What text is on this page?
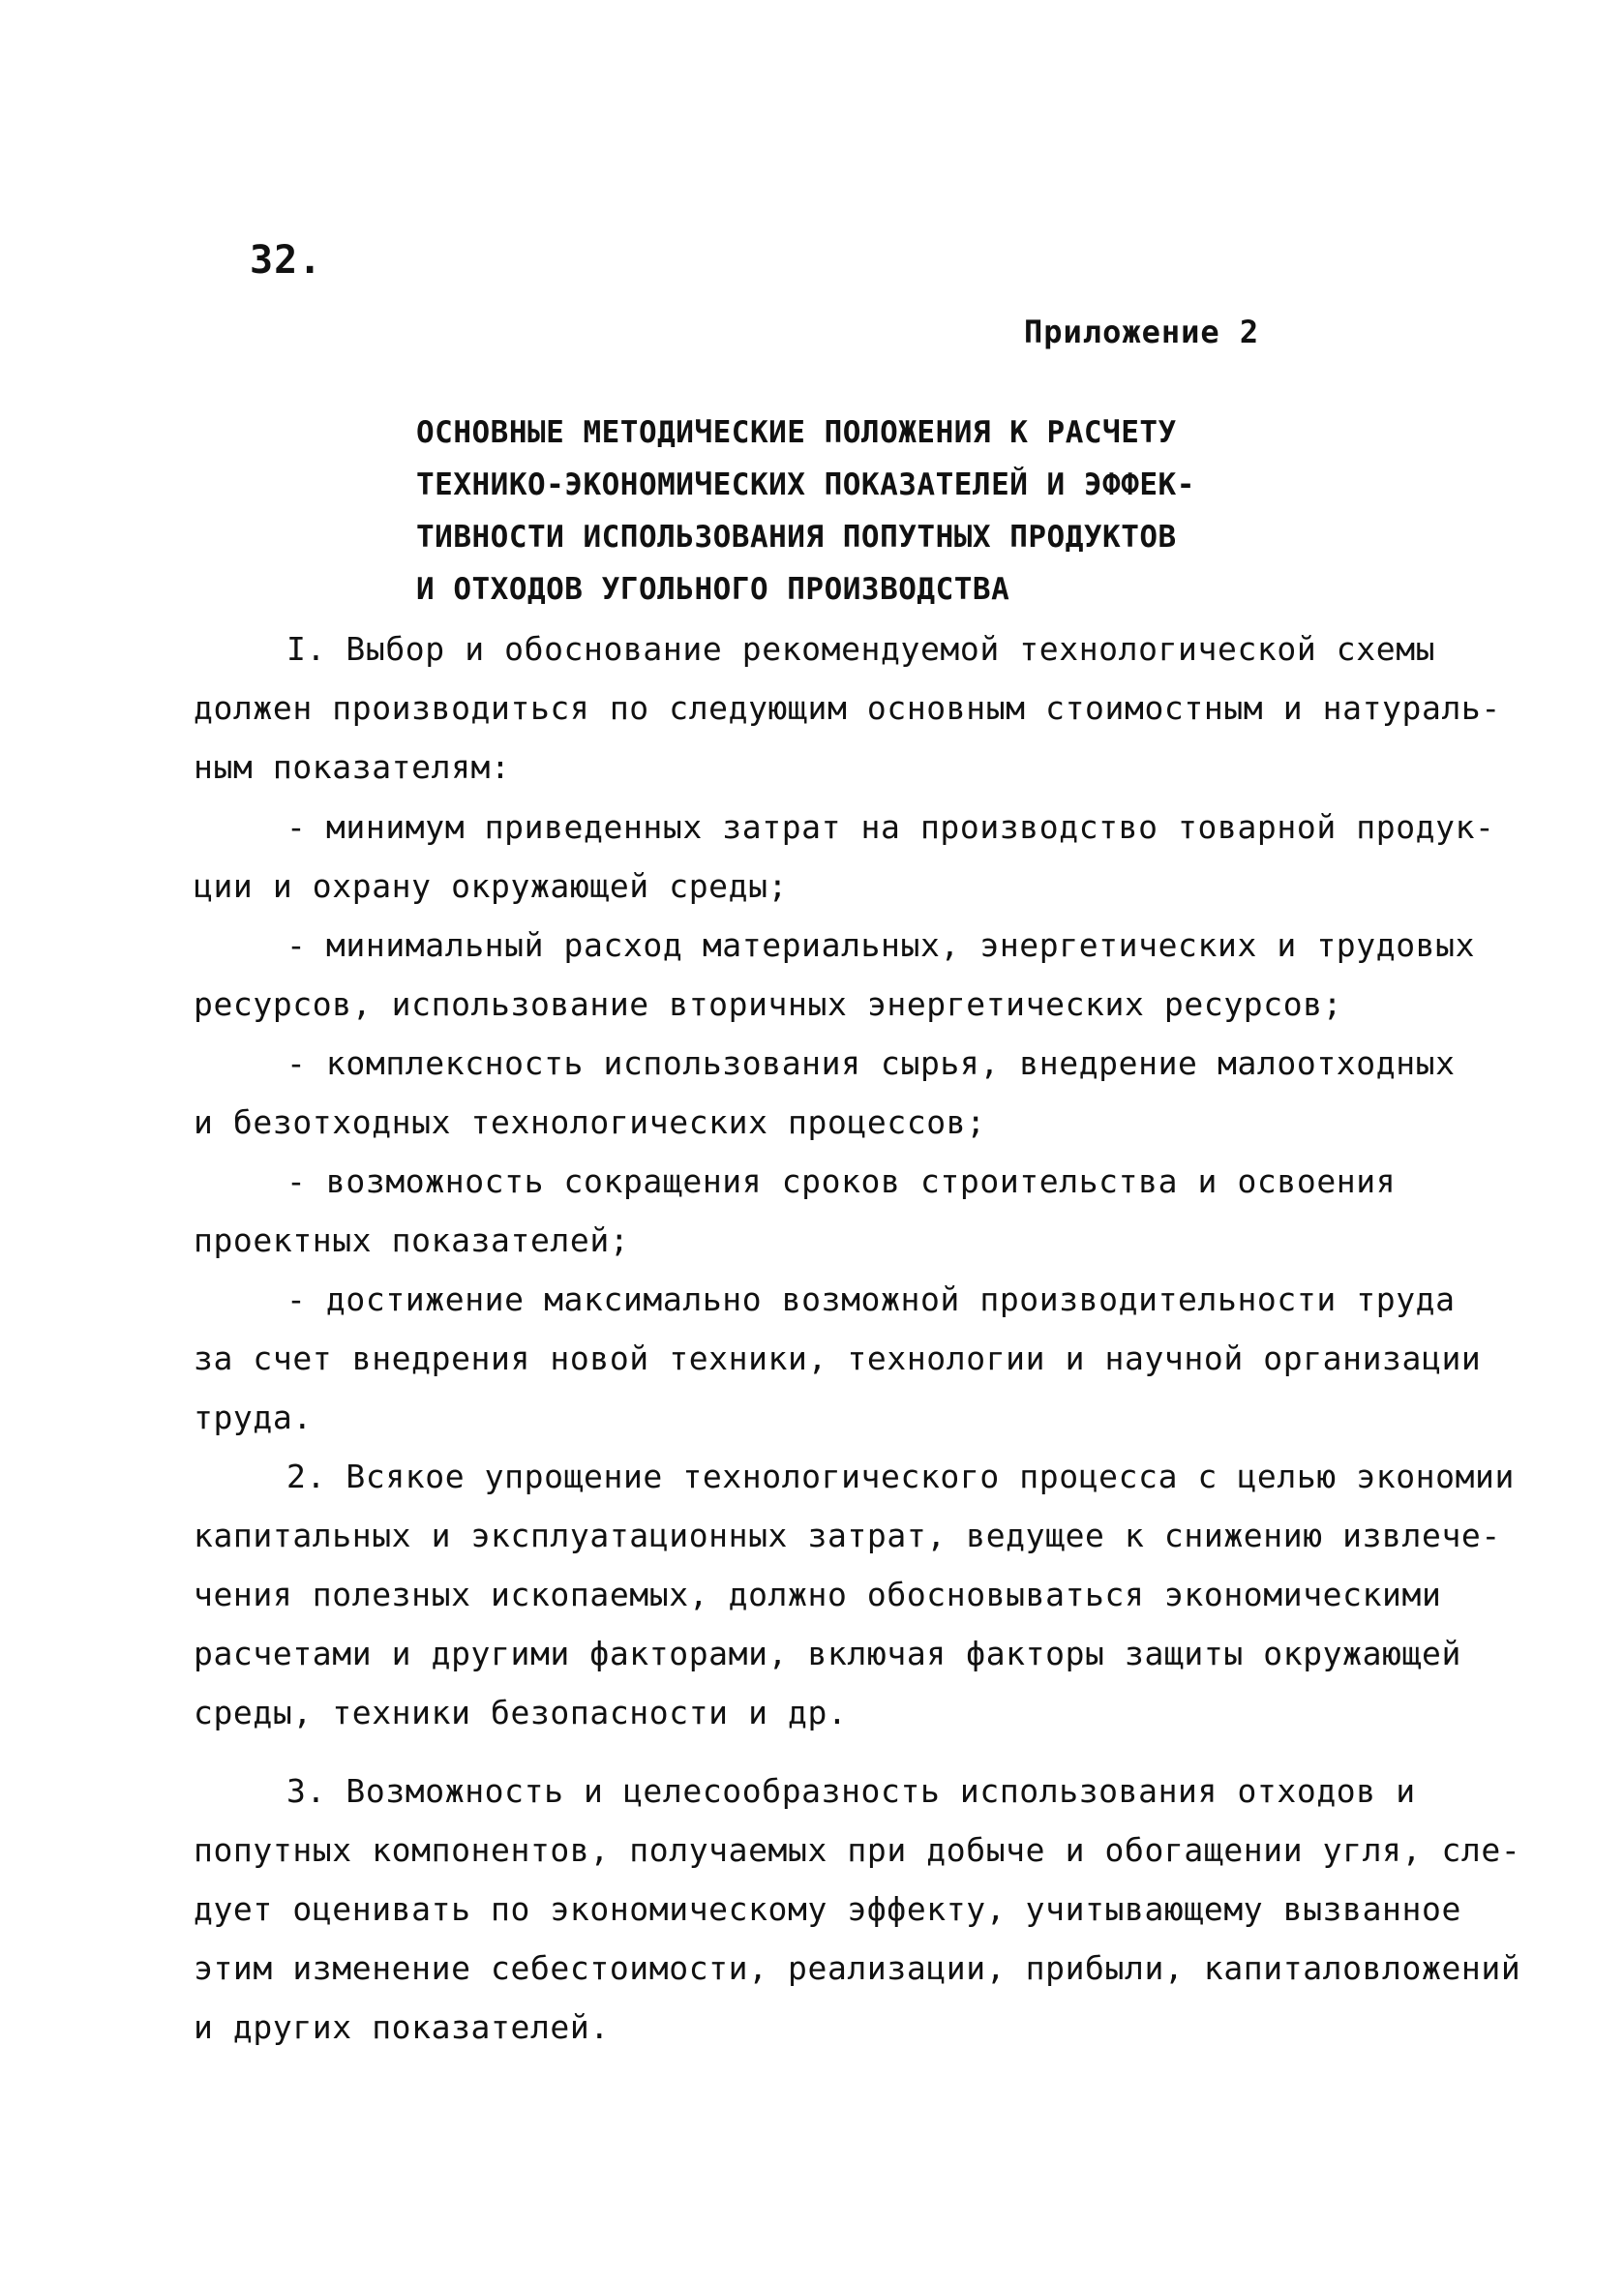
32.
Приложение 2
ОСНОВНЫЕ МЕТОДИЧЕСКИЕ ПОЛОЖЕНИЯ К РАСЧЕТУ
ТЕХНИКО-ЭКОНОМИЧЕСКИХ ПОКАЗАТЕЛЕЙ И ЭФФЕК-
ТИВНОСТИ ИСПОЛЬЗОВАНИЯ ПОПУТНЫХ ПРОДУКТОВ
И ОТХОДОВ УГОЛЬНОГО ПРОИЗВОДСТВА
I. Выбор и обоснование рекомендуемой технологической схемы
должен производиться по следующим основным стоимостным и натураль-
ным показателям:
- минимум приведенных затрат на производство товарной продук-
ции и охрану окружающей среды;
- минимальный расход материальных, энергетических и трудовых
ресурсов, использование вторичных энергетических ресурсов;
- комплексность использования сырья, внедрение малоотходных
и безотходных технологических процессов;
- возможность сокращения сроков строительства и освоения
проектных показателей;
- достижение максимально возможной производительности труда
за счет внедрения новой техники, технологии и научной организации
труда.
2. Всякое упрощение технологического процесса с целью экономии
капитальных и эксплуатационных затрат, ведущее к снижению извлече-
чения полезных ископаемых, должно обосновываться экономическими
расчетами и другими факторами, включая факторы защиты окружающей
среды, техники безопасности и др.
3. Возможность и целесообразность использования отходов и
попутных компонентов, получаемых при добыче и обогащении угля, сле-
дует оценивать по экономическому эффекту, учитывающему вызванное
этим изменение себестоимости, реализации, прибыли, капиталовложений
и других показателей.
